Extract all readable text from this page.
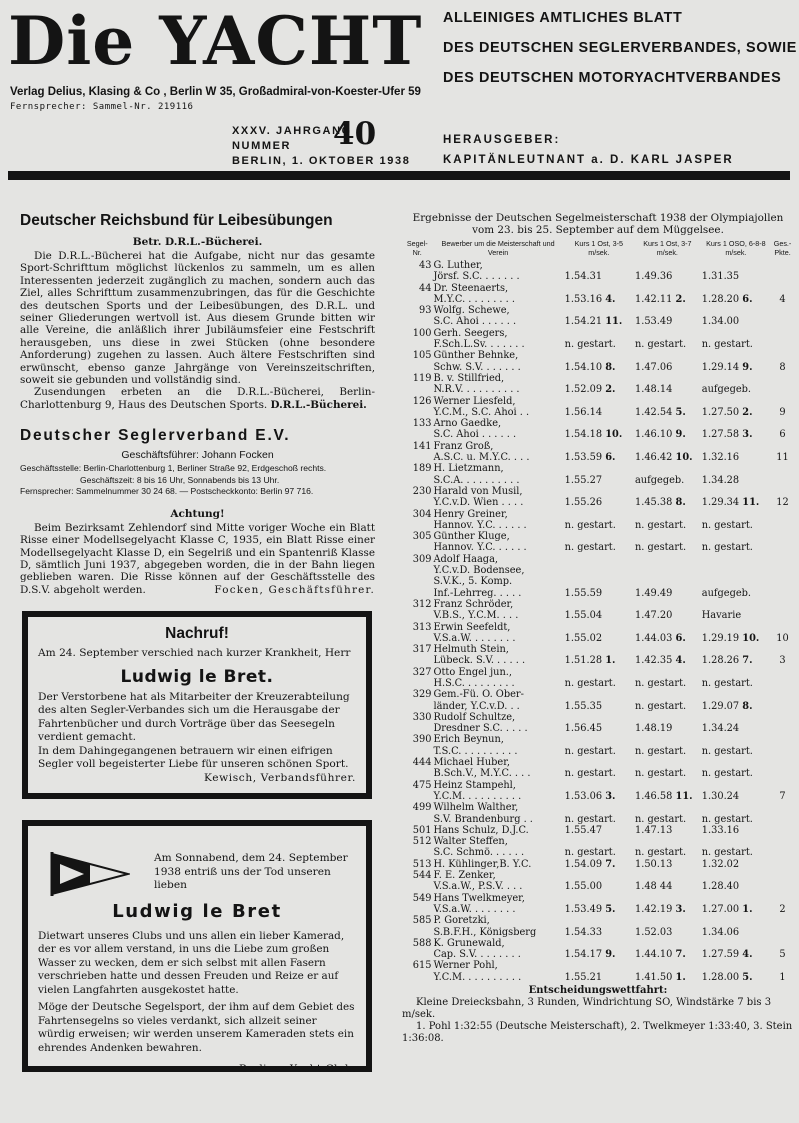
Die YACHT ALLEINIGES AMTLICHES BLATT
DES DEUTSCHEN SEGLERVERBANDES, SOWIE
DES DEUTSCHEN MOTORYACHTVERBANDES
Verlag Delius, Klasing & Co , Berlin W 35, Großadmiral-von-Koester-Ufer 59
Fernsprecher: Sammel-Nr. 219116
XXXV. JAHRGANG
NUMMER
BERLIN, 1. OKTOBER 1938
40	HERAUSGEBER:
KAPITÄNLEUTNANT a. D. KARL JASPER
Deutscher Reichsbund für Leibesübungen
Betr. D.R.L.-Bücherei.

Die D.R.L.-Bücherei hat die Aufgabe, nicht nur das gesamte Sport-Schrifttum möglichst lückenlos zu sammeln, um es allen Interessenten jederzeit zugänglich zu machen, sondern auch das Ziel, alles Schrifttum zusammenzubringen, das für die Geschichte des deutschen Sports und der Leibesübungen, des D.R.L. und seiner Gliederungen wertvoll ist. Aus diesem Grunde bitten wir alle Vereine, die anläßlich ihrer Jubiläumsfeier eine Festschrift herausgeben, uns diese in zwei Stücken (ohne besondere Anforderung) zugehen zu lassen. Auch ältere Festschriften sind erwünscht, ebenso ganze Jahrgänge von Vereinszeitschriften, soweit sie gebunden und vollständig sind.

Zusendungen erbeten an die D.R.L.-Bücherei, Berlin-Charlottenburg 9, Haus des Deutschen Sports. D.R.L.-Bücherei.

Deutscher Seglerverband E.V.
Geschäftsführer: Johann Focken
Geschäftsstelle: Berlin-Charlottenburg 1, Berliner Straße 92, Erdgeschoß rechts.
Geschäftszeit: 8 bis 16 Uhr, Sonnabends bis 13 Uhr.
Fernsprecher: Sammelnummer 30 24 68. — Postscheckkonto: Berlin 97 716.
Achtung!

Beim Bezirksamt Zehlendorf sind Mitte voriger Woche ein Blatt Risse einer Modellsegelyacht Klasse C, 1935, ein Blatt Risse einer Modellsegelyacht Klasse D, ein Segelriß und ein Spantenriß Klasse D, sämtlich Juni 1937, abgegeben worden, die in der Bahn liegen geblieben waren. Die Risse können auf der Geschäftsstelle des D.S.V. abgeholt werden.	Focken, Geschäftsführer.
Nachruf!
Am 24. September verschied nach kurzer Krankheit, Herr
Ludwig le Bret.

Der Verstorbene hat als Mitarbeiter der Kreuzerabteilung des alten Segler-Verbandes sich um die Herausgabe der Fahrtenbücher und durch Vorträge über das Seesegeln verdient gemacht.

In dem Dahingegangenen betrauern wir einen eifrigen Segler voll begeisterter Liebe für unseren schönen Sport.

Kewisch, Verbandsführer.
Am Sonnabend, dem 24. September 1938 entriß uns der Tod unseren lieben
Ludwig le Bret

Dietwart unseres Clubs und uns allen ein lieber Kamerad, der es vor allem verstand, in uns die Liebe zum großen Wasser zu wecken, dem er sich selbst mit allen Fasern verschrieben hatte und dessen Freuden und Reize er auf vielen Langfahrten ausgekostet hatte.

Möge der Deutsche Segelsport, der ihm auf dem Gebiet des Fahrtensegelns so vieles verdankt, sich allzeit seiner würdig erweisen; wir werden unserem Kameraden stets ein ehrendes Andenken bewahren.

Berliner Yacht-Club.
Ergebnisse der Deutschen Segelmeisterschaft 1938 der Olympiajollen vom 23. bis 25. September auf dem Müggelsee.
Segel-Nr.	Bewerber um die Meisterschaft und Verein	Kurs 1 Ost, 3-5 m/sek.	Kurs 1 Ost, 3-7 m/sek.	Kurs 1 OSO, 6-8-8 m/sek.	Ges.-Pkte.
43	G. Luther,				
	Jörsf. S.C. . . . . . .	1.54.31	1.49.36	1.31.35	
44	Dr. Steenaerts,				
	M.Y.C. . . . . . . . .	1.53.16 4.	1.42.11 2.	1.28.20 6.	4
93	Wolfg. Schewe,				
	S.C. Ahoi . . . . . .	1.54.21 11.	1.53.49	1.34.00	
100	Gerh. Seegers,				
	F.Sch.L.Sv. . . . . . .	n. gestart.	n. gestart.	n. gestart.	
105	Günther Behnke,				
	Schw. S.V. . . . . . .	1.54.10 8.	1.47.06	1.29.14 9.	8
119	B. v. Stillfried,				
	N.R.V. . . . . . . . . .	1.52.09 2.	1.48.14	aufgegeb.	
126	Werner Liesfeld,				
	Y.C.M., S.C. Ahoi . .	1.56.14	1.42.54 5.	1.27.50 2.	9
133	Arno Gaedke,				
	S.C. Ahoi . . . . . .	1.54.18 10.	1.46.10 9.	1.27.58 3.	6
141	Franz Groß,				
	A.S.C. u. M.Y.C. . . .	1.53.59 6.	1.46.42 10.	1.32.16	11
189	H. Lietzmann,				
	S.C.A. . . . . . . . . .	1.55.27	aufgegeb.	1.34.28	
230	Harald von Musil,				
	Y.C.v.D. Wien . . . .	1.55.26	1.45.38 8.	1.29.34 11.	12
304	Henry Greiner,				
	Hannov. Y.C. . . . . .	n. gestart.	n. gestart.	n. gestart.	
305	Günther Kluge,				
	Hannov. Y.C. . . . . .	n. gestart.	n. gestart.	n. gestart.	
309	Adolf Haaga,				
	Y.C.v.D. Bodensee,				
	S.V.K., 5. Komp.				
	Inf.-Lehrreg. . . . .	1.55.59	1.49.49	aufgegeb.	
312	Franz Schröder,				
	V.B.S., Y.C.M. . . .	1.55.04	1.47.20	Havarie	
313	Erwin Seefeldt,				
	V.S.a.W. . . . . . . .	1.55.02	1.44.03 6.	1.29.19 10.	10
317	Helmuth Stein,				
	Lübeck. S.V. . . . . .	1.51.28 1.	1.42.35 4.	1.28.26 7.	3
327	Otto Engel jun.,				
	H.S.C. . . . . . . . .	n. gestart.	n. gestart.	n. gestart.	
329	Gem.-Fü. O. Ober-				
	länder, Y.C.v.D. . .	1.55.35	n. gestart.	1.29.07 8.	
330	Rudolf Schultze,				
	Dresdner S.C. . . . .	1.56.45	1.48.19	1.34.24	
390	Erich Beynun,				
	T.S.C. . . . . . . . . .	n. gestart.	n. gestart.	n. gestart.	
444	Michael Huber,				
	B.Sch.V., M.Y.C. . . .	n. gestart.	n. gestart.	n. gestart.	
475	Heinz Stampehl,				
	Y.C.M. . . . . . . . . .	1.53.06 3.	1.46.58 11.	1.30.24	7
499	Wilhelm Walther,				
	S.V. Brandenburg . .	n. gestart.	n. gestart.	n. gestart.	
501	Hans Schulz, D.J.C.	1.55.47	1.47.13	1.33.16	
512	Walter Steffen,				
	S.C. Schmö. . . . . .	n. gestart.	n. gestart.	n. gestart.	
513	H. Kühlinger,B. Y.C.	1.54.09 7.	1.50.13	1.32.02	
544	F. E. Zenker,				
	V.S.a.W., P.S.V. . . .	1.55.00	1.48 44	1.28.40	
549	Hans Twelkmeyer,				
	V.S.a.W. . . . . . . .	1.53.49 5.	1.42.19 3.	1.27.00 1.	2
585	P. Goretzki,				
	S.B.F.H., Königsberg	1.54.33	1.52.03	1.34.06	
588	K. Grunewald,				
	Cap. S.V. . . . . . . .	1.54.17 9.	1.44.10 7.	1.27.59 4.	5
615	Werner Pohl,				
	Y.C.M. . . . . . . . . .	1.55.21	1.41.50 1.	1.28.00 5.	1
Entscheidungswettfahrt:
Kleine Dreiecksbahn, 3 Runden, Windrichtung SO, Windstärke 7 bis 3 m/sek.
1. Pohl 1:32:55 (Deutsche Meisterschaft), 2. Twelkmeyer 1:33:40, 3. Stein 1:36:08.
